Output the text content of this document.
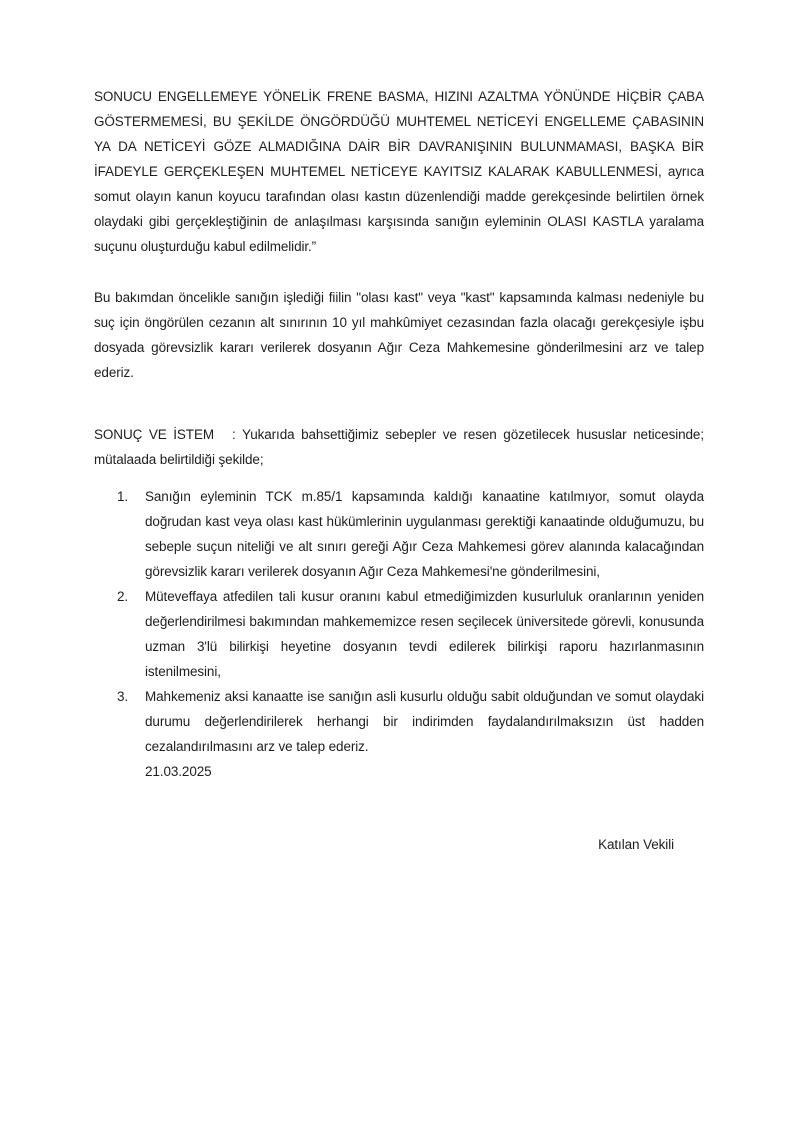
SONUCU ENGELLEMEYE YÖNELİK FRENE BASMA, HIZINI AZALTMA YÖNÜNDE HİÇBİR ÇABA GÖSTERMEMESİ, BU ŞEKİLDE ÖNGÖRDÜĞÜ MUHTEMEL NETİCEYİ ENGELLEME ÇABASININ YA DA NETİCEYİ GÖZE ALMADIĞINA DAİR BİR DAVRANIŞININ BULUNMAMASI, BAŞKA BİR İFADEYLE GERÇEKLEŞEN MUHTEMEL NETİCEYE KAYITSIZ KALARAK KABULLENMESİ, ayrıca somut olayın kanun koyucu tarafından olası kastın düzenlendiği madde gerekçesinde belirtilen örnek olaydaki gibi gerçekleştiğinin de anlaşılması karşısında sanığın eyleminin OLASI KASTLA yaralama suçunu oluşturduğu kabul edilmelidir.”

Bu bakımdan öncelikle sanığın işlediği fiilin "olası kast" veya "kast" kapsamında kalması nedeniyle bu suç için öngörülen cezanın alt sınırının 10 yıl mahkûmiyet cezasından fazla olacağı gerekçesiyle işbu dosyada görevsizlik kararı verilerek dosyanın Ağır Ceza Mahkemesine gönderilmesini arz ve talep ederiz.

SONUÇ VE İSTEM : Yukarıda bahsettiğimiz sebepler ve resen gözetilecek hususlar neticesinde; mütalaada belirtildiği şekilde;

1.	Sanığın eyleminin TCK m.85/1 kapsamında kaldığı kanaatine katılmıyor, somut olayda doğrudan kast veya olası kast hükümlerinin uygulanması gerektiği kanaatinde olduğumuzu, bu sebeple suçun niteliği ve alt sınırı gereği Ağır Ceza Mahkemesi görev alanında kalacağından görevsizlik kararı verilerek dosyanın Ağır Ceza Mahkemesi'ne gönderilmesini,
2.	Müteveffaya atfedilen tali kusur oranını kabul etmediğimizden kusurluluk oranlarının yeniden değerlendirilmesi bakımından mahkememizce resen seçilecek üniversitede görevli, konusunda uzman 3'lü bilirkişi heyetine dosyanın tevdi edilerek bilirkişi raporu hazırlanmasının istenilmesini,
3.	Mahkemeniz aksi kanaatte ise sanığın asli kusurlu olduğu sabit olduğundan ve somut olaydaki durumu değerlendirilerek herhangi bir indirimden faydalandırılmaksızın üst hadden cezalandırılmasını arz ve talep ederiz.
21.03.2025
Katılan Vekili
